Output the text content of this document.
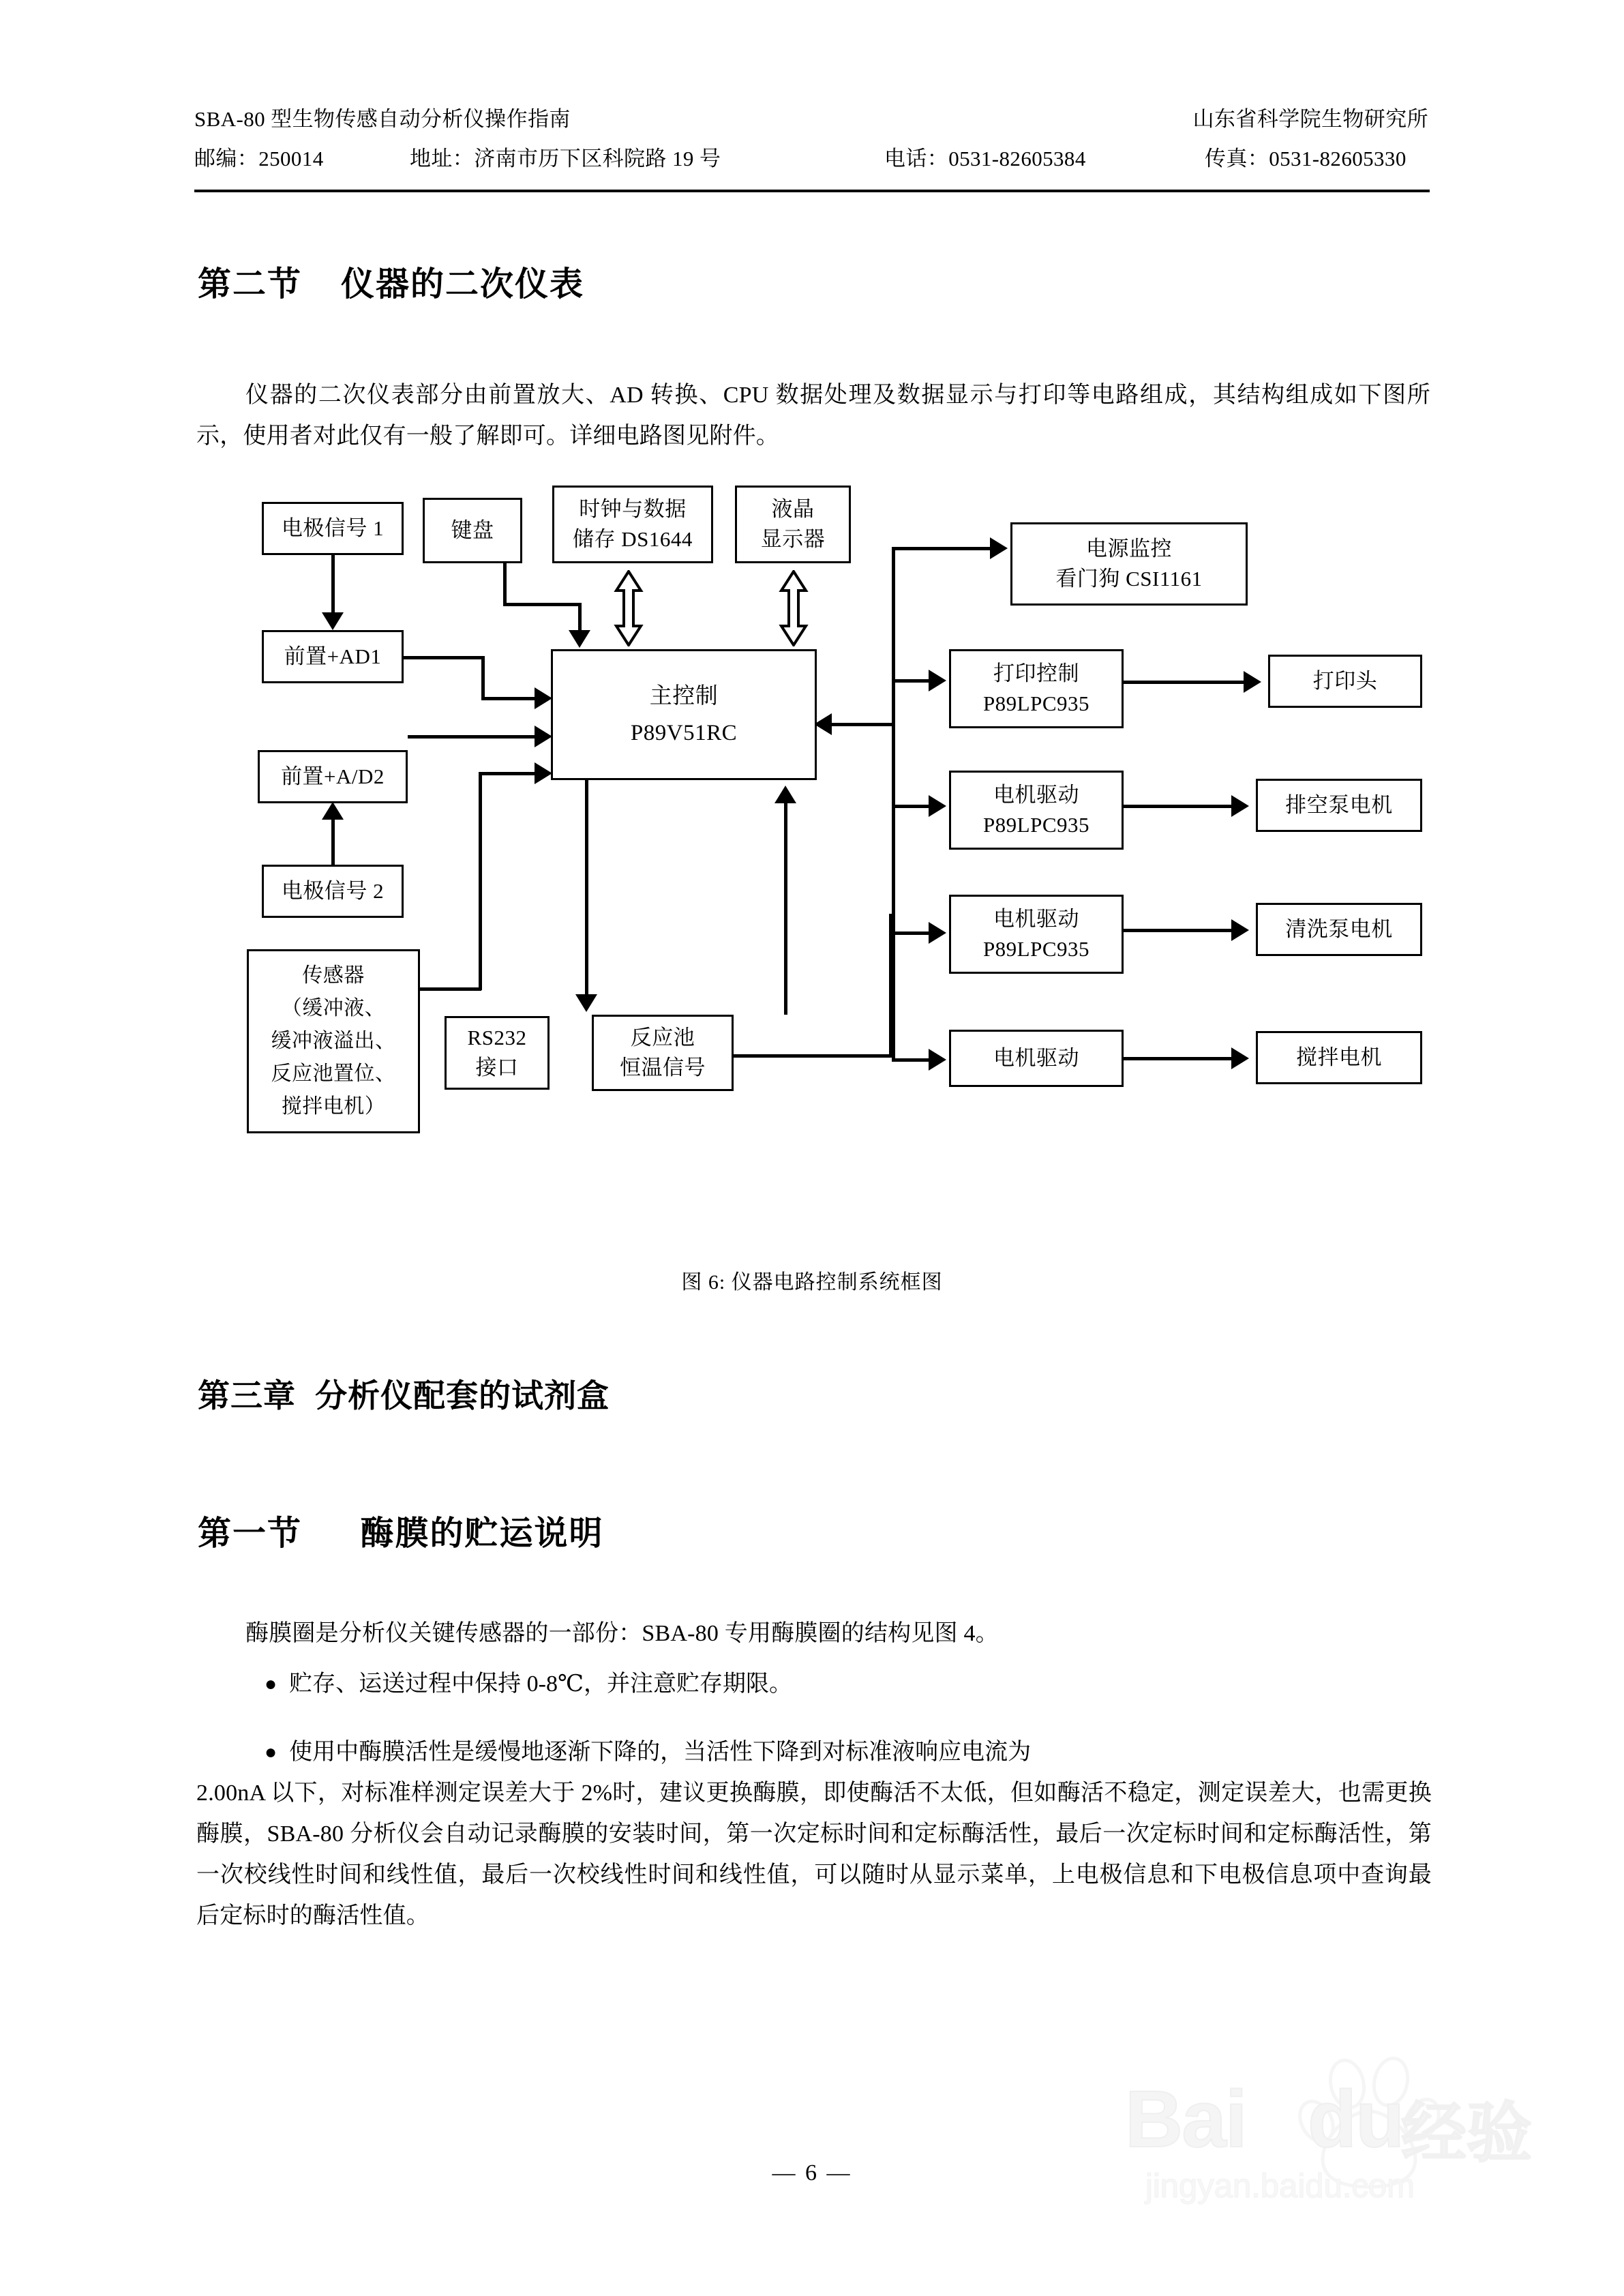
SBA-80 型生物传感自动分析仪操作指南	山东省科学院生物研究所
邮编：250014	地址：济南市历下区科院路 19 号	电话：0531-82605384	传真：0531-82605330
第二节    仪器的二次仪表
仪器的二次仪表部分由前置放大、AD 转换、CPU 数据处理及数据显示与打印等电路组成，其结构组成如下图所示，使用者对此仅有一般了解即可。详细电路图见附件。
电极信号 1
前置+AD1
前置+A/D2
电极信号 2
传感器
（缓冲液、
缓冲液溢出、
反应池置位、
搅拌电机）
键盘
时钟与数据
储存 DS1644
液晶
显示器
主控制
P89V51RC
电源监控
看门狗 CSI1161
打印控制
P89LPC935
电机驱动
P89LPC935
电机驱动
P89LPC935
电机驱动
打印头
排空泵电机
清洗泵电机
搅拌电机
RS232
接口
反应池
恒温信号
图 6: 仪器电路控制系统框图
第三章  分析仪配套的试剂盒
第一节      酶膜的贮运说明
酶膜圈是分析仪关键传感器的一部份：SBA-80 专用酶膜圈的结构见图 4。
● 贮存、运送过程中保持 0-8℃，并注意贮存期限。
● 使用中酶膜活性是缓慢地逐渐下降的，当活性下降到对标准液响应电流为
2.00nA 以下，对标准样测定误差大于 2%时，建议更换酶膜，即使酶活不太低，但如酶活不稳定，测定误差大，也需更换酶膜，SBA-80 分析仪会自动记录酶膜的安装时间，第一次定标时间和定标酶活性，最后一次定标时间和定标酶活性，第一次校线性时间和线性值，最后一次校线性时间和线性值，可以随时从显示菜单，上电极信息和下电极信息项中查询最后定标时的酶活性值。
Bai du
经验
jingyan.baidu.com
— 6 —
